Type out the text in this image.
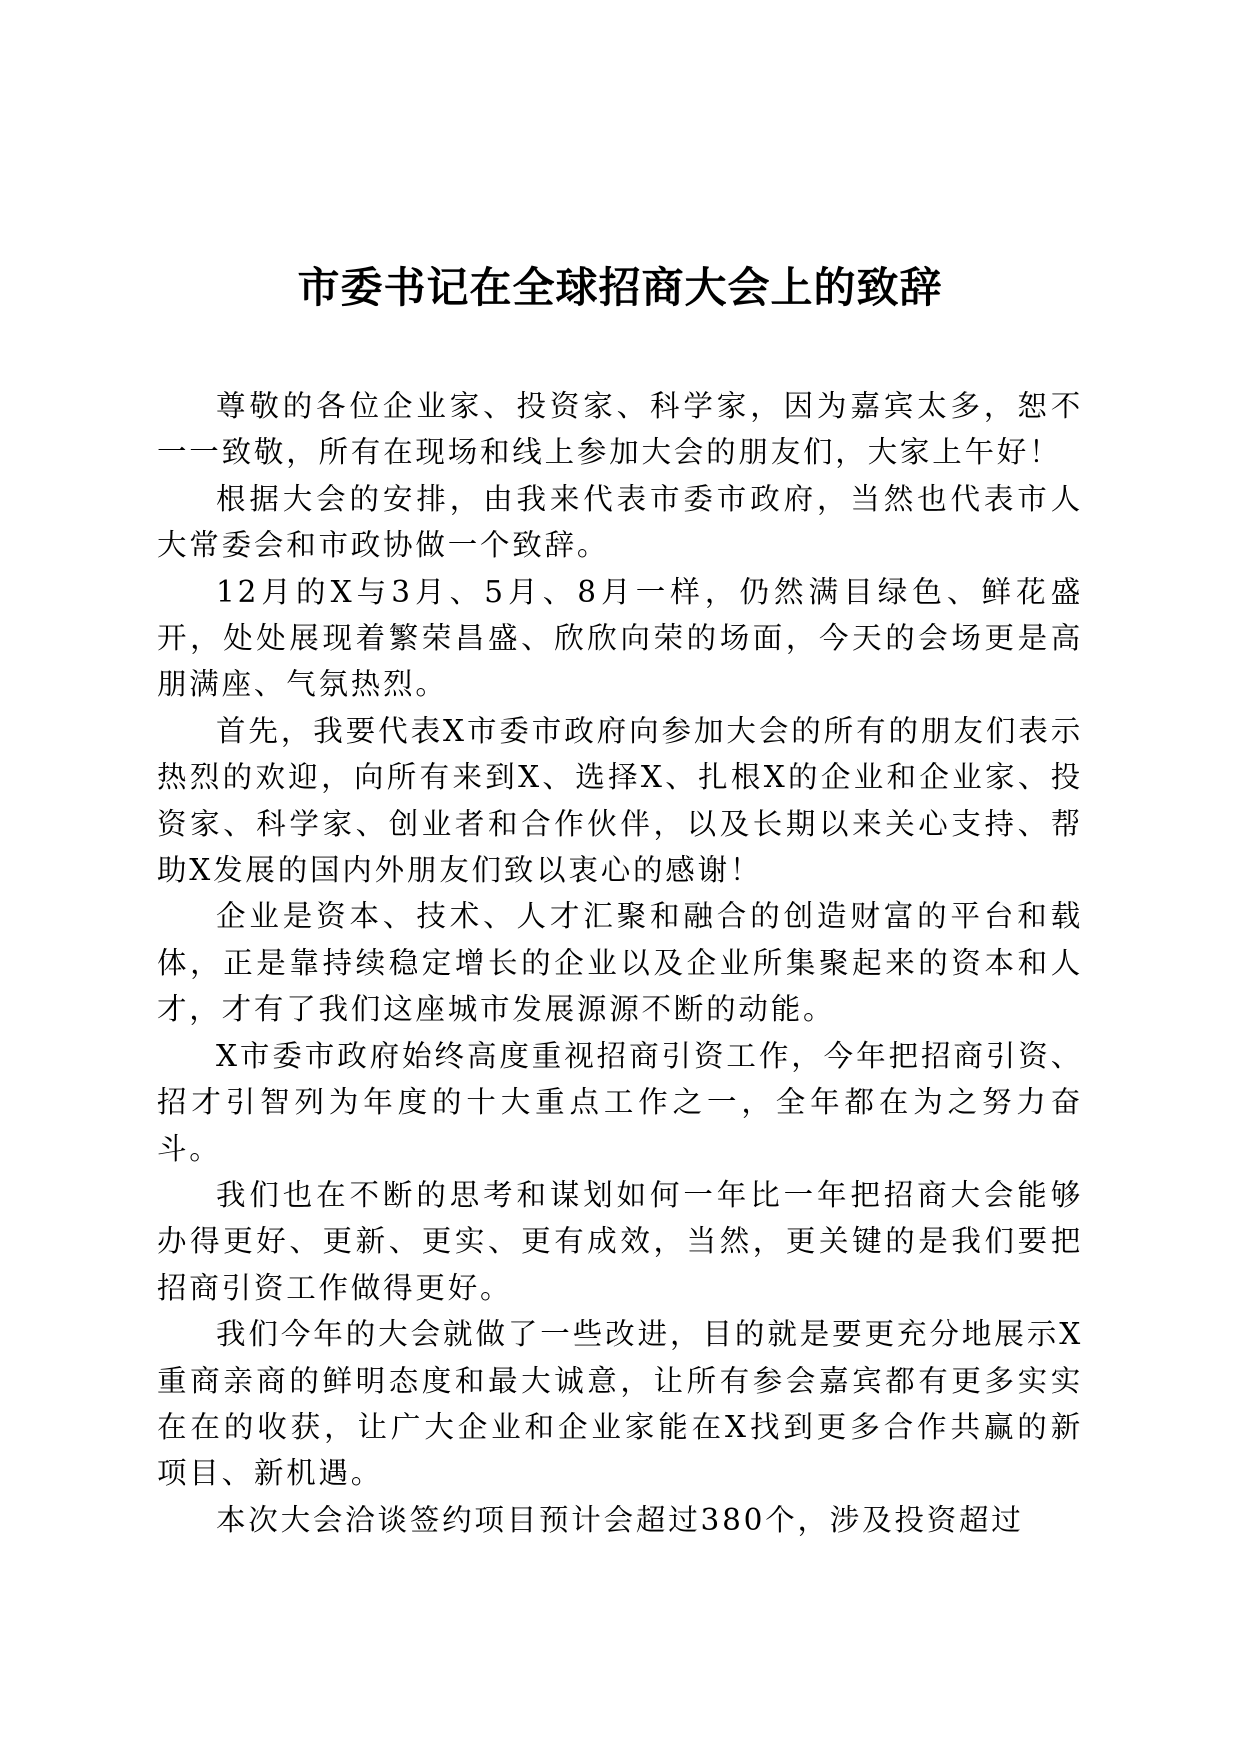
市委书记在全球招商大会上的致辞

尊敬的各位企业家、投资家、科学家，因为嘉宾太多，恕不一一致敬，所有在现场和线上参加大会的朋友们，大家上午好！

根据大会的安排，由我来代表市委市政府，当然也代表市人大常委会和市政协做一个致辞。

12月的X与3月、5月、8月一样，仍然满目绿色、鲜花盛开，处处展现着繁荣昌盛、欣欣向荣的场面，今天的会场更是高朋满座、气氛热烈。

首先，我要代表X市委市政府向参加大会的所有的朋友们表示热烈的欢迎，向所有来到X、选择X、扎根X的企业和企业家、投资家、科学家、创业者和合作伙伴，以及长期以来关心支持、帮助X发展的国内外朋友们致以衷心的感谢！

企业是资本、技术、人才汇聚和融合的创造财富的平台和载体，正是靠持续稳定增长的企业以及企业所集聚起来的资本和人才，才有了我们这座城市发展源源不断的动能。

X市委市政府始终高度重视招商引资工作，今年把招商引资、招才引智列为年度的十大重点工作之一，全年都在为之努力奋斗。

我们也在不断的思考和谋划如何一年比一年把招商大会能够办得更好、更新、更实、更有成效，当然，更关键的是我们要把招商引资工作做得更好。

我们今年的大会就做了一些改进，目的就是要更充分地展示X重商亲商的鲜明态度和最大诚意，让所有参会嘉宾都有更多实实在在的收获，让广大企业和企业家能在X找到更多合作共赢的新项目、新机遇。

本次大会洽谈签约项目预计会超过380个，涉及投资超过
